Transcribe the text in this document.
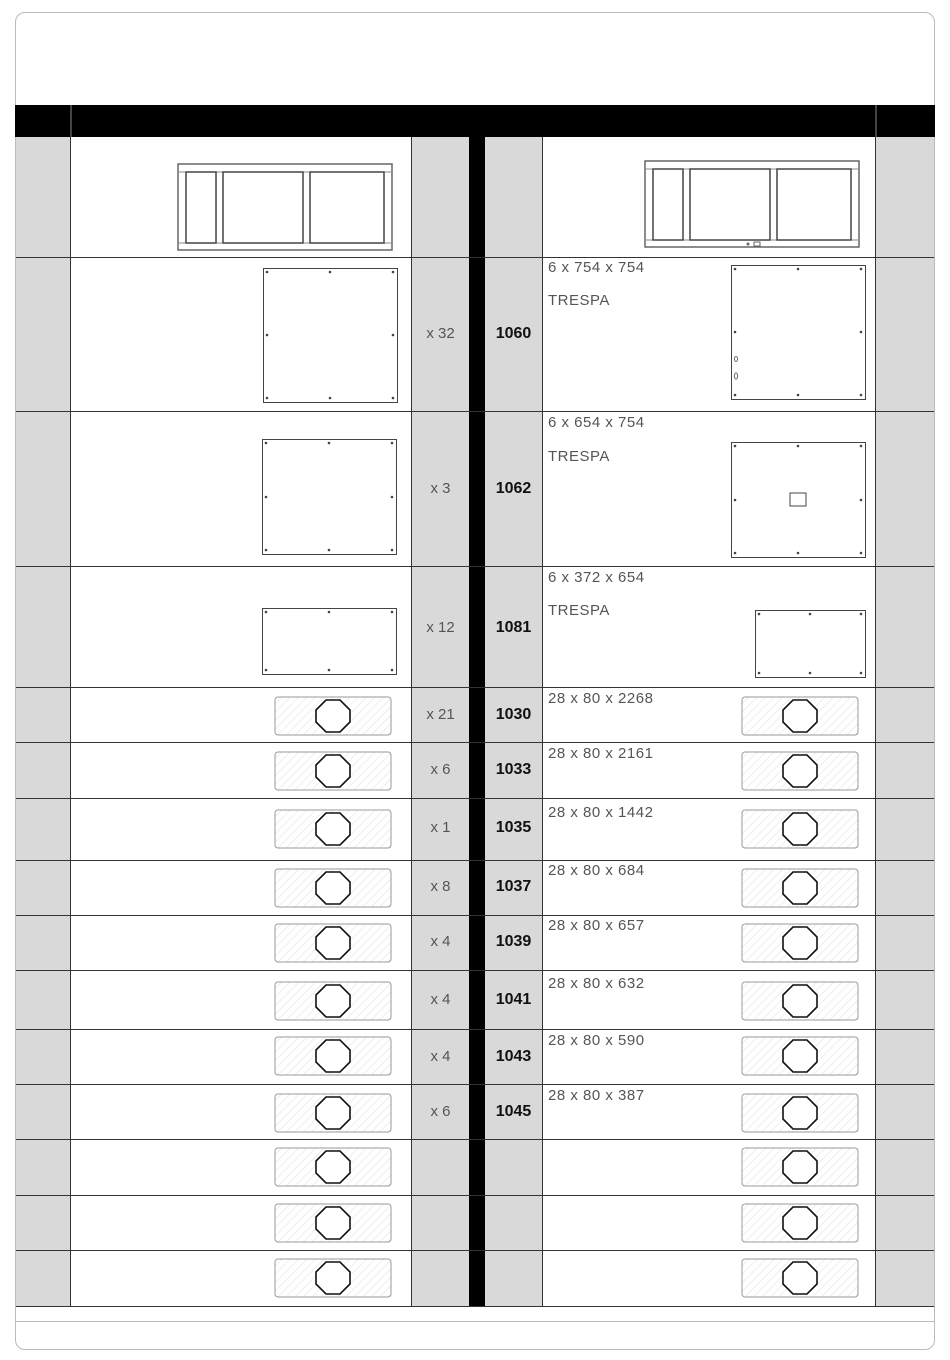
x 32	1060
6 x 754 x 754
TRESPA
x 3	1062
6 x 654 x 754
TRESPA
x 12	1081
6 x 372 x 654
TRESPA
x 21	1030
28 x 80 x 2268
x 6	1033
28 x 80 x 2161
x 1	1035
28 x 80 x 1442
x 8	1037
28 x 80 x 684
x 4	1039
28 x 80 x 657
x 4	1041
28 x 80 x 632
x 4	1043
28 x 80 x 590
x 6	1045
28 x 80 x 387
